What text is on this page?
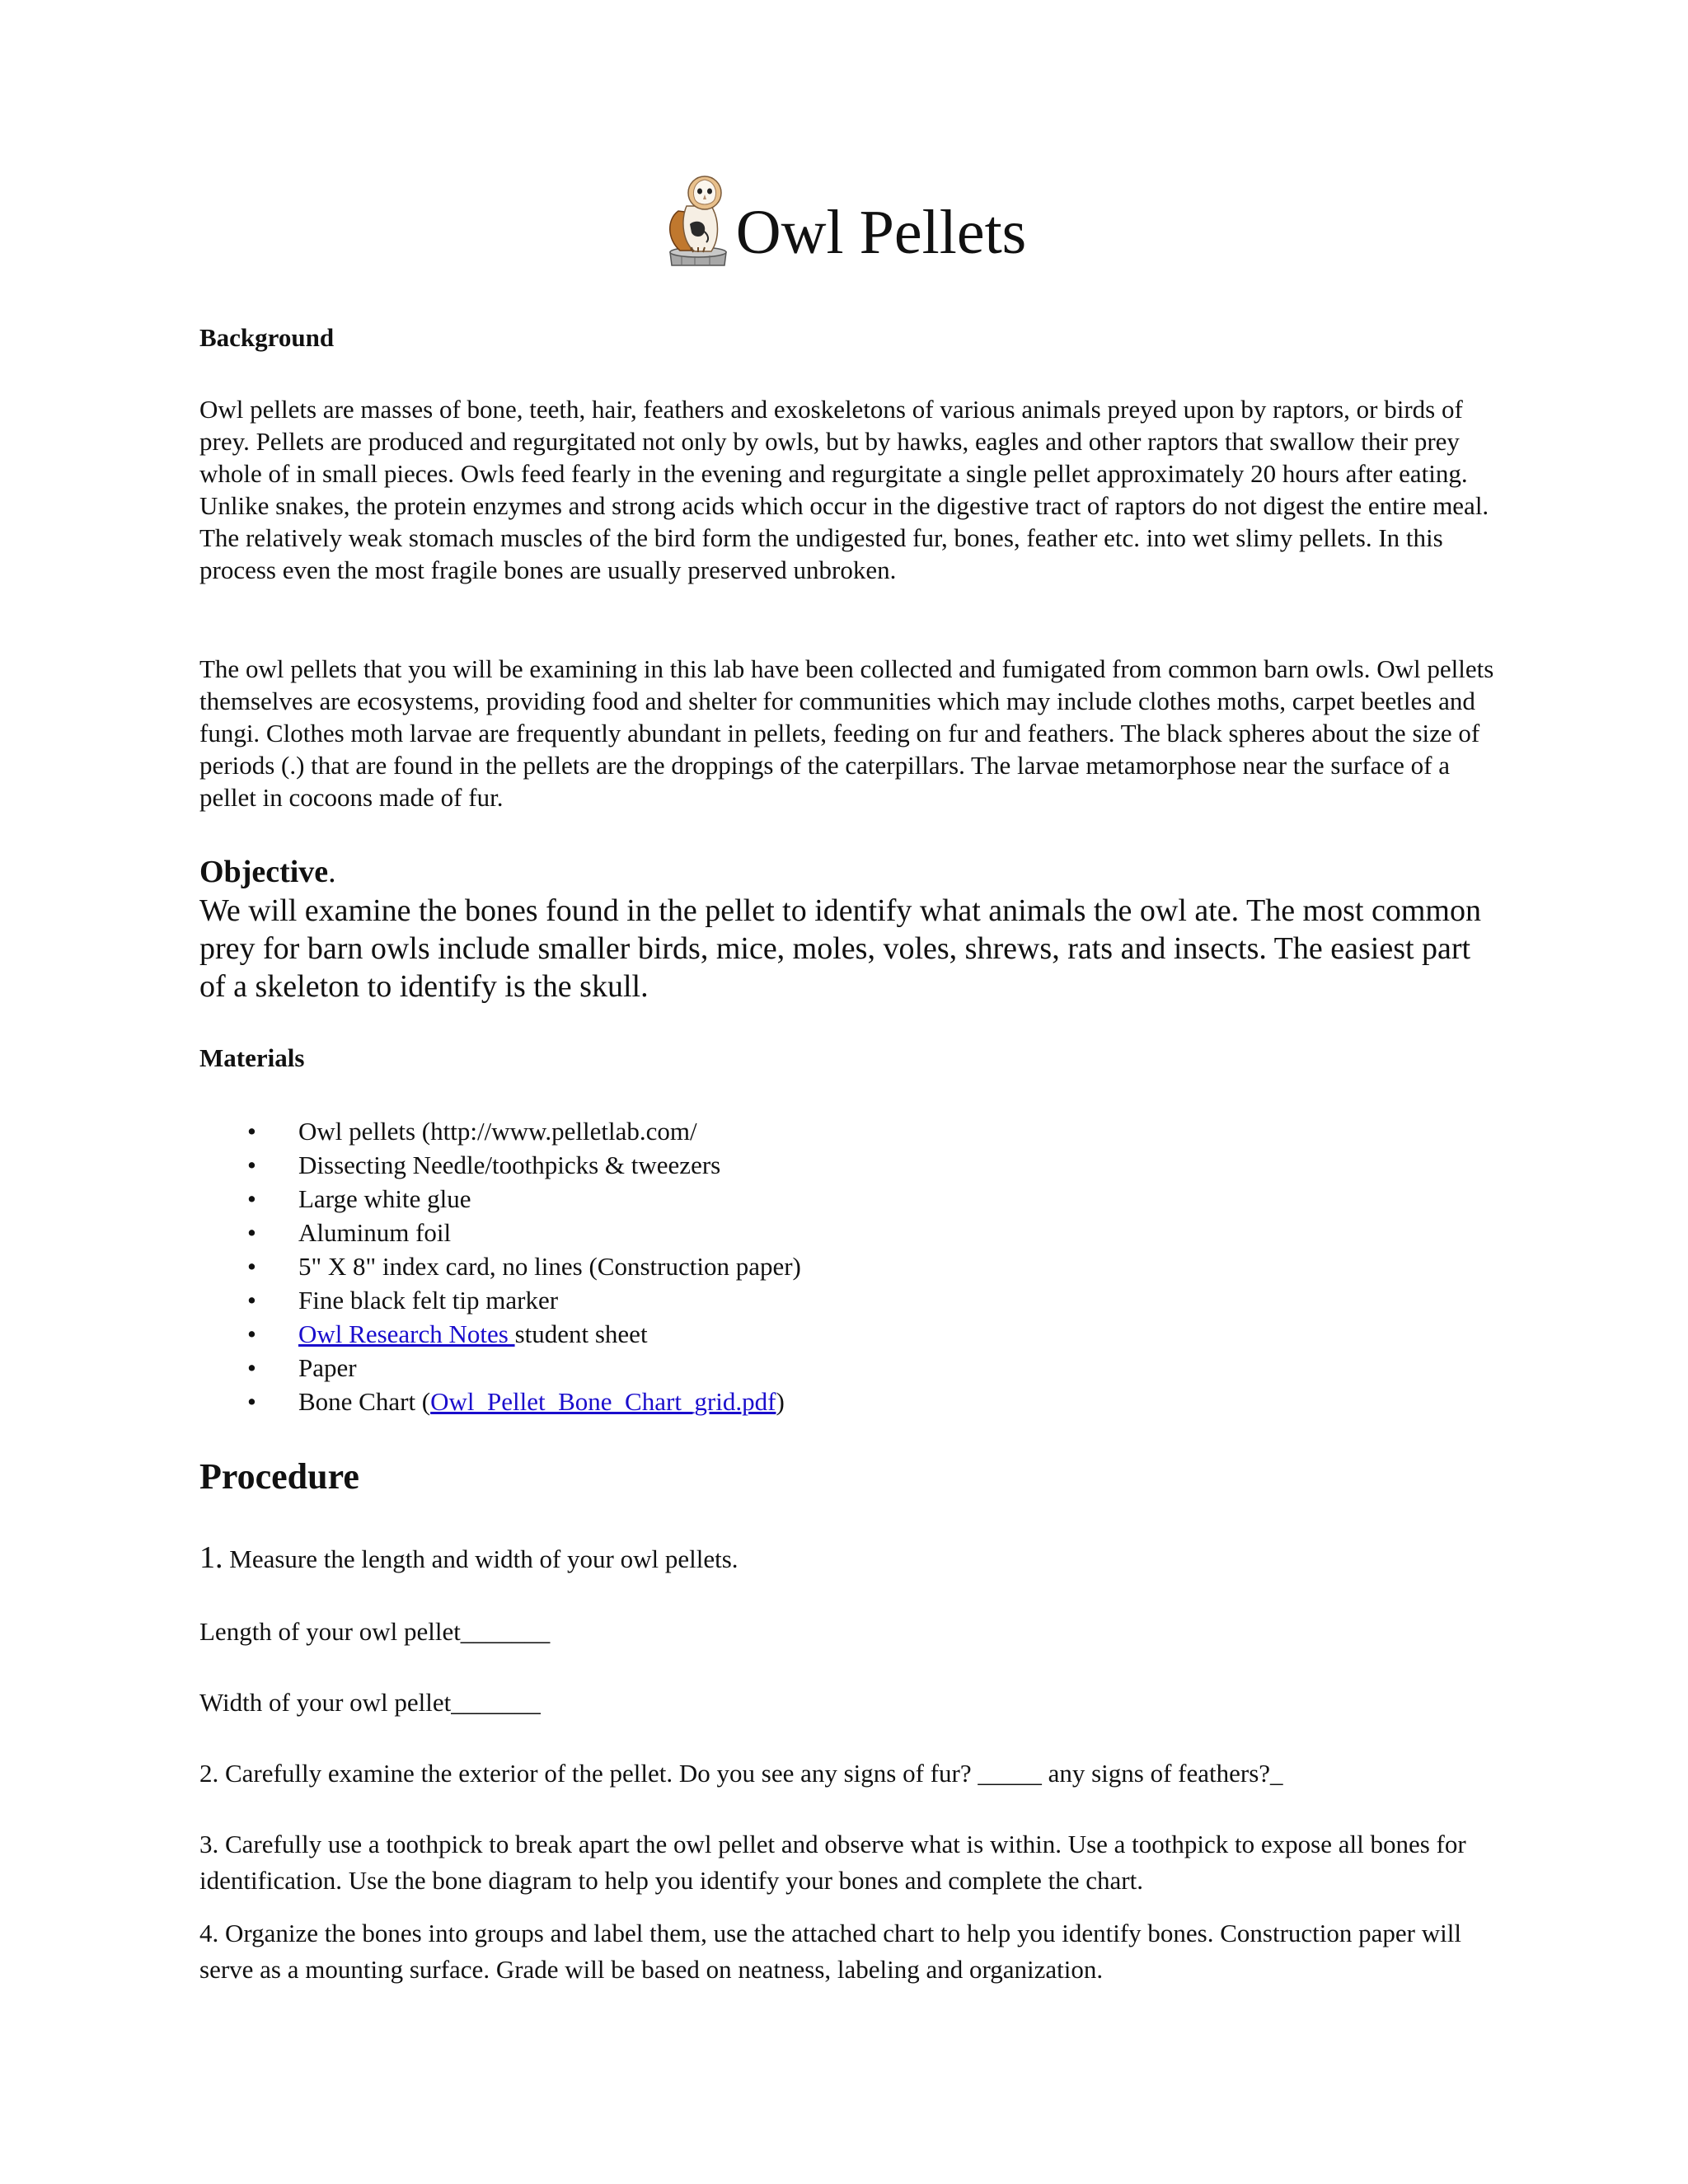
Owl Pellets
Background

Owl pellets are masses of bone, teeth, hair, feathers and exoskeletons of various animals preyed upon by raptors, or birds of prey. Pellets are produced and regurgitated not only by owls, but by hawks, eagles and other raptors that swallow their prey whole of in small pieces. Owls feed fearly in the evening and regurgitate a single pellet approximately 20 hours after eating. Unlike snakes, the protein enzymes and strong acids which occur in the digestive tract of raptors do not digest the entire meal. The relatively weak stomach muscles of the bird form the undigested fur, bones, feather etc. into wet slimy pellets. In this process even the most fragile bones are usually preserved unbroken.

The owl pellets that you will be examining in this lab have been collected and fumigated from common barn owls. Owl pellets themselves are ecosystems, providing food and shelter for communities which may include clothes moths, carpet beetles and fungi. Clothes moth larvae are frequently abundant in pellets, feeding on fur and feathers. The black spheres about the size of periods (.) that are found in the pellets are the droppings of the caterpillars. The larvae metamorphose near the surface of a pellet in cocoons made of fur.

Objective.

We will examine the bones found in the pellet to identify what animals the owl ate. The most common prey for barn owls include smaller birds, mice, moles, voles, shrews, rats and insects. The easiest part of a skeleton to identify is the skull.

Materials
• Owl pellets (http://www.pelletlab.com/
• Dissecting Needle/toothpicks & tweezers
• Large white glue
• Aluminum foil
• 5" X 8" index card, no lines (Construction paper)
• Fine black felt tip marker
• Owl Research Notes student sheet
• Paper
• Bone Chart (Owl_Pellet_Bone_Chart_grid.pdf)
Procedure

1. Measure the length and width of your owl pellets.

Length of your owl pellet_______

Width of your owl pellet_______

2. Carefully examine the exterior of the pellet. Do you see any signs of fur? _____ any signs of feathers?_

3. Carefully use a toothpick to break apart the owl pellet and observe what is within. Use a toothpick to expose all bones for identification. Use the bone diagram to help you identify your bones and complete the chart.

4. Organize the bones into groups and label them, use the attached chart to help you identify bones. Construction paper will serve as a mounting surface. Grade will be based on neatness, labeling and organization.
